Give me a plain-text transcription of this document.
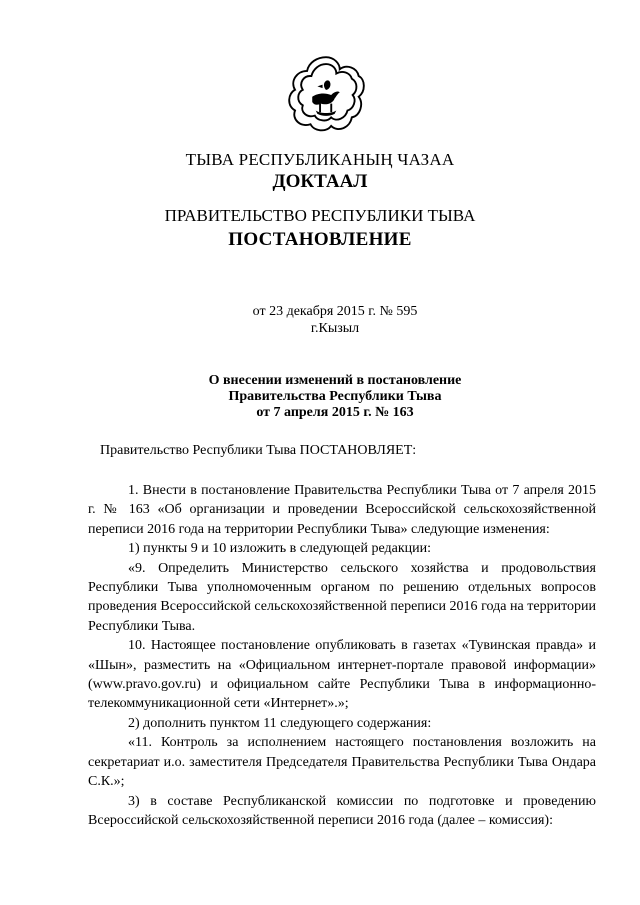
ТЫВА РЕСПУБЛИКАНЫҢ ЧАЗАА
ДОКТААЛ
ПРАВИТЕЛЬСТВО РЕСПУБЛИКИ ТЫВА
ПОСТАНОВЛЕНИЕ
от 23 декабря 2015 г. № 595
г.Кызыл
О внесении изменений в постановление
Правительства Республики Тыва
от 7 апреля 2015 г. № 163

Правительство Республики Тыва ПОСТАНОВЛЯЕТ:

1. Внести в постановление Правительства Республики Тыва от 7 апреля 2015 г. № 163 «Об организации и проведении Всероссийской сельскохозяйственной переписи 2016 года на территории Республики Тыва» следующие изменения:

1) пункты 9 и 10 изложить в следующей редакции:

«9. Определить Министерство сельского хозяйства и продовольствия Республики Тыва уполномоченным органом по решению отдельных вопросов проведения Всероссийской сельскохозяйственной переписи 2016 года на территории Республики Тыва.

10. Настоящее постановление опубликовать в газетах «Тувинская правда» и «Шын», разместить на «Официальном интернет-портале правовой информации» (www.pravo.gov.ru) и официальном сайте Республики Тыва в информационно-телекоммуникационной сети «Интернет».»;

2) дополнить пунктом 11 следующего содержания:

«11. Контроль за исполнением настоящего постановления возложить на секретариат и.о. заместителя Председателя Правительства Республики Тыва Ондара С.К.»;

3) в составе Республиканской комиссии по подготовке и проведению Всероссийской сельскохозяйственной переписи 2016 года (далее – комиссия):
